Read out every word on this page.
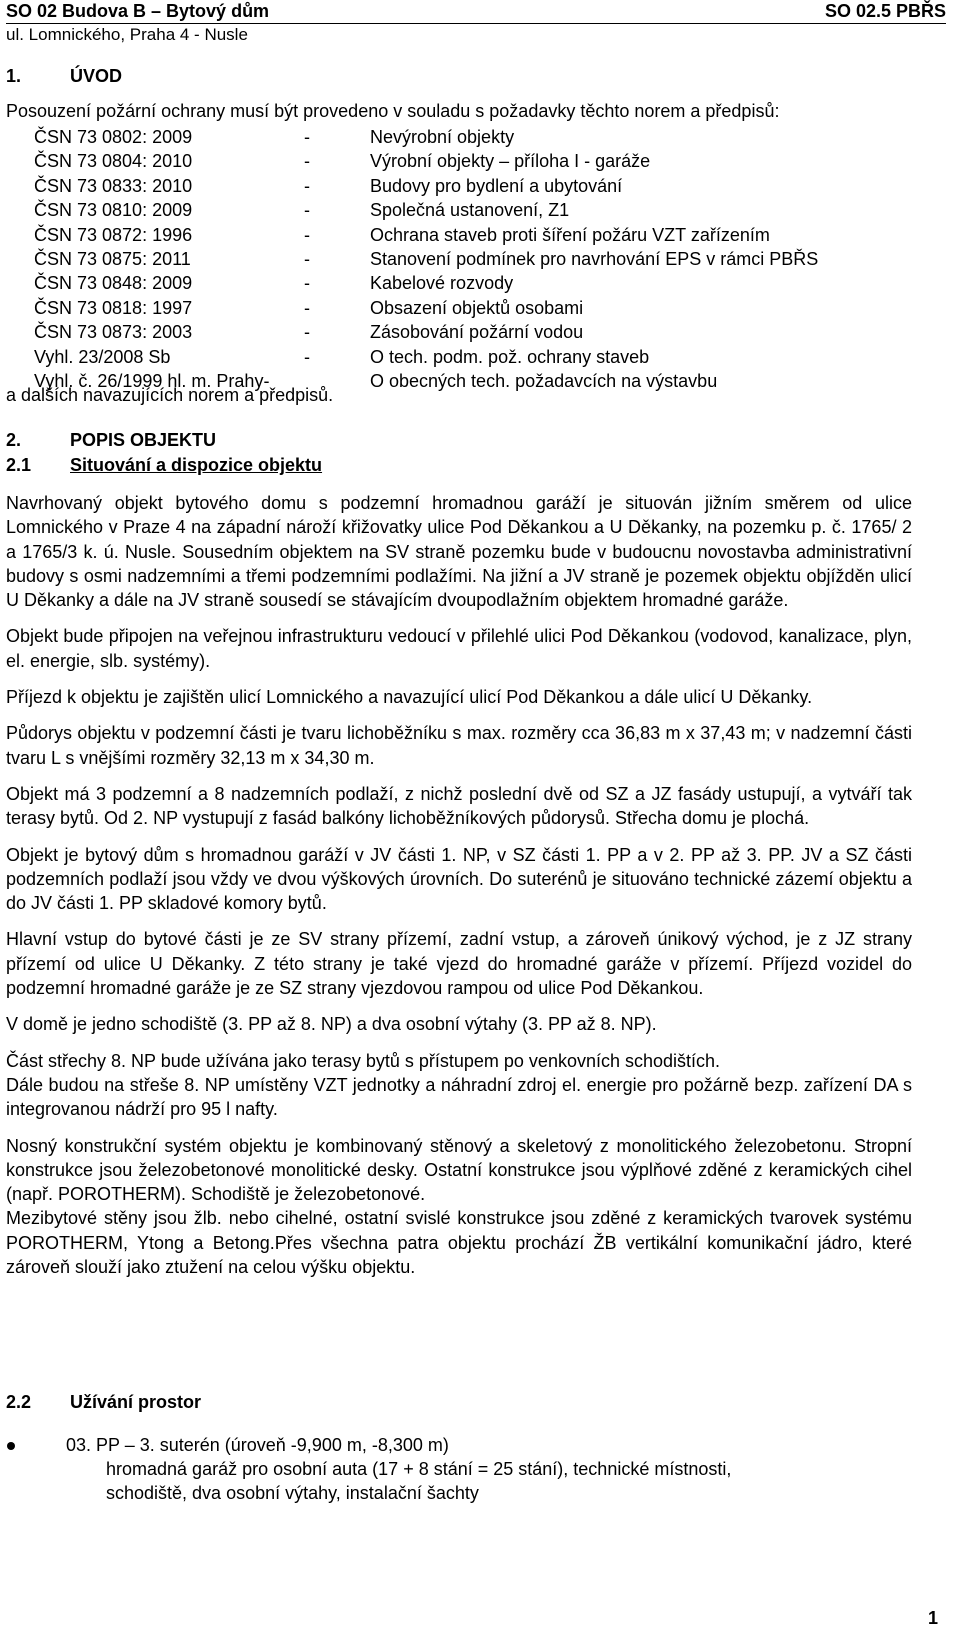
SO 02 Budova B – Bytový dům	SO 02.5 PBŘS
ul. Lomnického, Praha 4 - Nusle
1.	ÚVOD
Posouzení požární ochrany musí být provedeno v souladu s požadavky těchto norem a předpisů:
ČSN 73 0802: 2009	-	Nevýrobní objekty
ČSN 73 0804: 2010	-	Výrobní objekty – příloha I - garáže
ČSN 73 0833: 2010	-	Budovy pro bydlení a ubytování
ČSN 73 0810: 2009	-	Společná ustanovení, Z1
ČSN 73 0872: 1996	-	Ochrana staveb proti šíření požáru VZT zařízením
ČSN 73 0875: 2011	-	Stanovení podmínek pro navrhování EPS v rámci PBŘS
ČSN 73 0848: 2009	-	Kabelové rozvody
ČSN 73 0818: 1997	-	Obsazení objektů osobami
ČSN 73 0873: 2003	-	Zásobování požární vodou
Vyhl. 23/2008 Sb	-	O tech. podm. pož. ochrany staveb
Vyhl. č. 26/1999 hl. m. Prahy-	O obecných tech. požadavcích na výstavbu
a dalších navazujících norem a předpisů.
2.	POPIS OBJEKTU
2.1 Situování a dispozice objektu

Navrhovaný objekt bytového domu s podzemní hromadnou garáží je situován jižním směrem od ulice Lomnického v Praze 4 na západní nároží křižovatky ulice Pod Děkankou a U Děkanky, na pozemku p. č. 1765/ 2 a 1765/3 k. ú. Nusle. Sousedním objektem na SV straně pozemku bude v budoucnu novostavba administrativní budovy s osmi nadzemními a třemi podzemními podlažími. Na jižní a JV straně je pozemek objektu objížděn ulicí U Děkanky a dále na JV straně sousedí se stávajícím dvoupodlažním objektem hromadné garáže.

Objekt bude připojen na veřejnou infrastrukturu vedoucí v přilehlé ulici Pod Děkankou (vodovod, kanalizace, plyn, el. energie, slb. systémy).

Příjezd k objektu je zajištěn ulicí Lomnického a navazující ulicí Pod Děkankou a dále ulicí U Děkanky.

Půdorys objektu v podzemní části je tvaru lichoběžníku s max. rozměry cca 36,83 m x 37,43 m; v nadzemní části tvaru L s vnějšími rozměry 32,13 m x 34,30 m.

Objekt má 3 podzemní a 8 nadzemních podlaží, z nichž poslední dvě od SZ a JZ fasády ustupují, a vytváří tak terasy bytů. Od 2. NP vystupují z fasád balkóny lichoběžníkových půdorysů. Střecha domu je plochá.

Objekt je bytový dům s hromadnou garáží v JV části 1. NP, v SZ části 1. PP a v 2. PP až 3. PP. JV a SZ části podzemních podlaží jsou vždy ve dvou výškových úrovních. Do suterénů je situováno technické zázemí objektu a do JV části 1. PP skladové komory bytů.

Hlavní vstup do bytové části je ze SV strany přízemí, zadní vstup, a zároveň únikový východ, je z JZ strany přízemí od ulice U Děkanky. Z této strany je také vjezd do hromadné garáže v přízemí. Příjezd vozidel do podzemní hromadné garáže je ze SZ strany vjezdovou rampou od ulice Pod Děkankou.

V domě je jedno schodiště (3. PP až 8. NP) a dva osobní výtahy (3. PP až 8. NP).

Část střechy 8. NP bude užívána jako terasy bytů s přístupem po venkovních schodištích.

Dále budou na střeše 8. NP umístěny VZT jednotky a náhradní zdroj el. energie pro požárně bezp. zařízení DA s integrovanou nádrží pro 95 l nafty.

Nosný konstrukční systém objektu je kombinovaný stěnový a skeletový z monolitického železobetonu. Stropní konstrukce jsou železobetonové monolitické desky. Ostatní konstrukce jsou výplňové zděné z keramických cihel (např. POROTHERM). Schodiště je železobetonové.

Mezibytové stěny jsou žlb. nebo cihelné, ostatní svislé konstrukce jsou zděné z keramických tvarovek systému POROTHERM, Ytong a Betong.Přes všechna patra objektu prochází ŽB vertikální komunikační jádro, které zároveň slouží jako ztužení na celou výšku objektu.

2.2 Užívání prostor
03. PP – 3. suterén (úroveň -9,900 m, -8,300 m)
hromadná garáž pro osobní auta (17 + 8 stání = 25 stání), technické místnosti,
schodiště, dva osobní výtahy, instalační šachty
1
